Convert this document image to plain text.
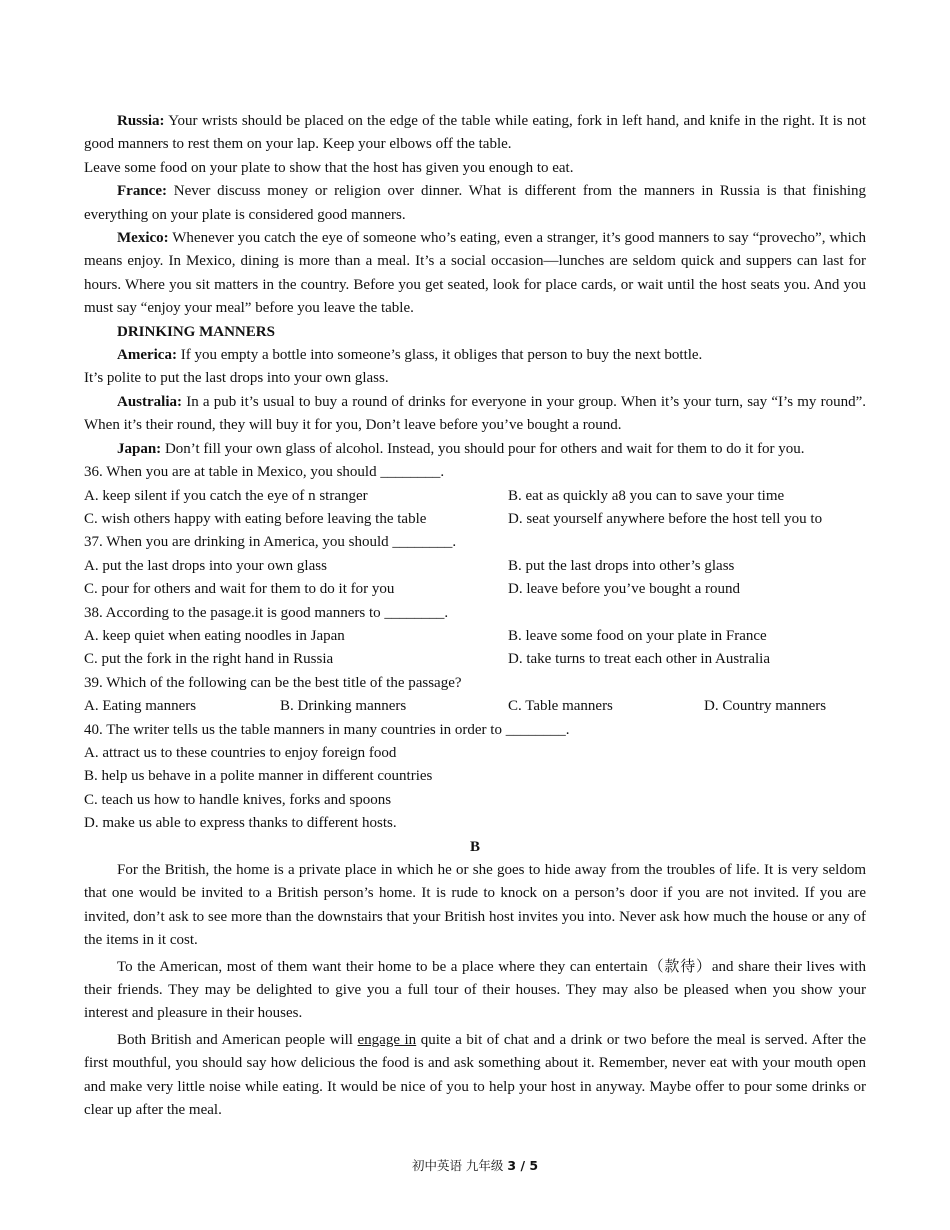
Russia: Your wrists should be placed on the edge of the table while eating, fork in left hand, and knife in the right. It is not good manners to rest them on your lap. Keep your elbows off the table.

Leave some food on your plate to show that the host has given you enough to eat.

France: Never discuss money or religion over dinner. What is different from the manners in Russia is that finishing everything on your plate is considered good manners.

Mexico: Whenever you catch the eye of someone who’s eating, even a stranger, it’s good manners to say “provecho”, which means enjoy. In Mexico, dining is more than a meal. It’s a social occasion—lunches are seldom quick and suppers can last for hours. Where you sit matters in the country. Before you get seated, look for place cards, or wait until the host seats you. And you must say “enjoy your meal” before you leave the table.

DRINKING MANNERS

America: If you empty a bottle into someone’s glass, it obliges that person to buy the next bottle.

It’s polite to put the last drops into your own glass.

Australia: In a pub it’s usual to buy a round of drinks for everyone in your group. When it’s your turn, say “I’s my round”. When it’s their round, they will buy it for you, Don’t leave before you’ve bought a round.

Japan: Don’t fill your own glass of alcohol. Instead, you should pour for others and wait for them to do it for you.

36. When you are at table in Mexico, you should ________.

A. keep silent if you catch the eye of n stranger	B. eat as quickly a8 you can to save your time
C. wish others happy with eating before leaving the table	D. seat yourself anywhere before the host tell you to

37. When you are drinking in America, you should ________.

A. put the last drops into your own glass	B. put the last drops into other’s glass
C. pour for others and wait for them to do it for you	D. leave before you’ve bought a round

38. According to the pasage.it is good manners to ________.

A. keep quiet when eating noodles in Japan	B. leave some food on your plate in France
C. put the fork in the right hand in Russia	D. take turns to treat each other in Australia

39. Which of the following can be the best title of the passage?

A. Eating manners	B. Drinking manners	C. Table manners	D. Country manners

40. The writer tells us the table manners in many countries in order to ________.

A. attract us to these countries to enjoy foreign food

B. help us behave in a polite manner in different countries

C. teach us how to handle knives, forks and spoons

D. make us able to express thanks to different hosts.

B

For the British, the home is a private place in which he or she goes to hide away from the troubles of life. It is very seldom that one would be invited to a British person’s home. It is rude to knock on a person’s door if you are not invited. If you are invited, don’t ask to see more than the downstairs that your British host invites you into. Never ask how much the house or any of the items in it cost.

To the American, most of them want their home to be a place where they can entertain（款待）and share their lives with their friends. They may be delighted to give you a full tour of their houses. They may also be pleased when you show your interest and pleasure in their houses.

Both British and American people will engage in quite a bit of chat and a drink or two before the meal is served. After the first mouthful, you should say how delicious the food is and ask something about it. Remember, never eat with your mouth open and make very little noise while eating. It would be nice of you to help your host in anyway. Maybe offer to pour some drinks or clear up after the meal.

初中英语 九年级 3 / 5
